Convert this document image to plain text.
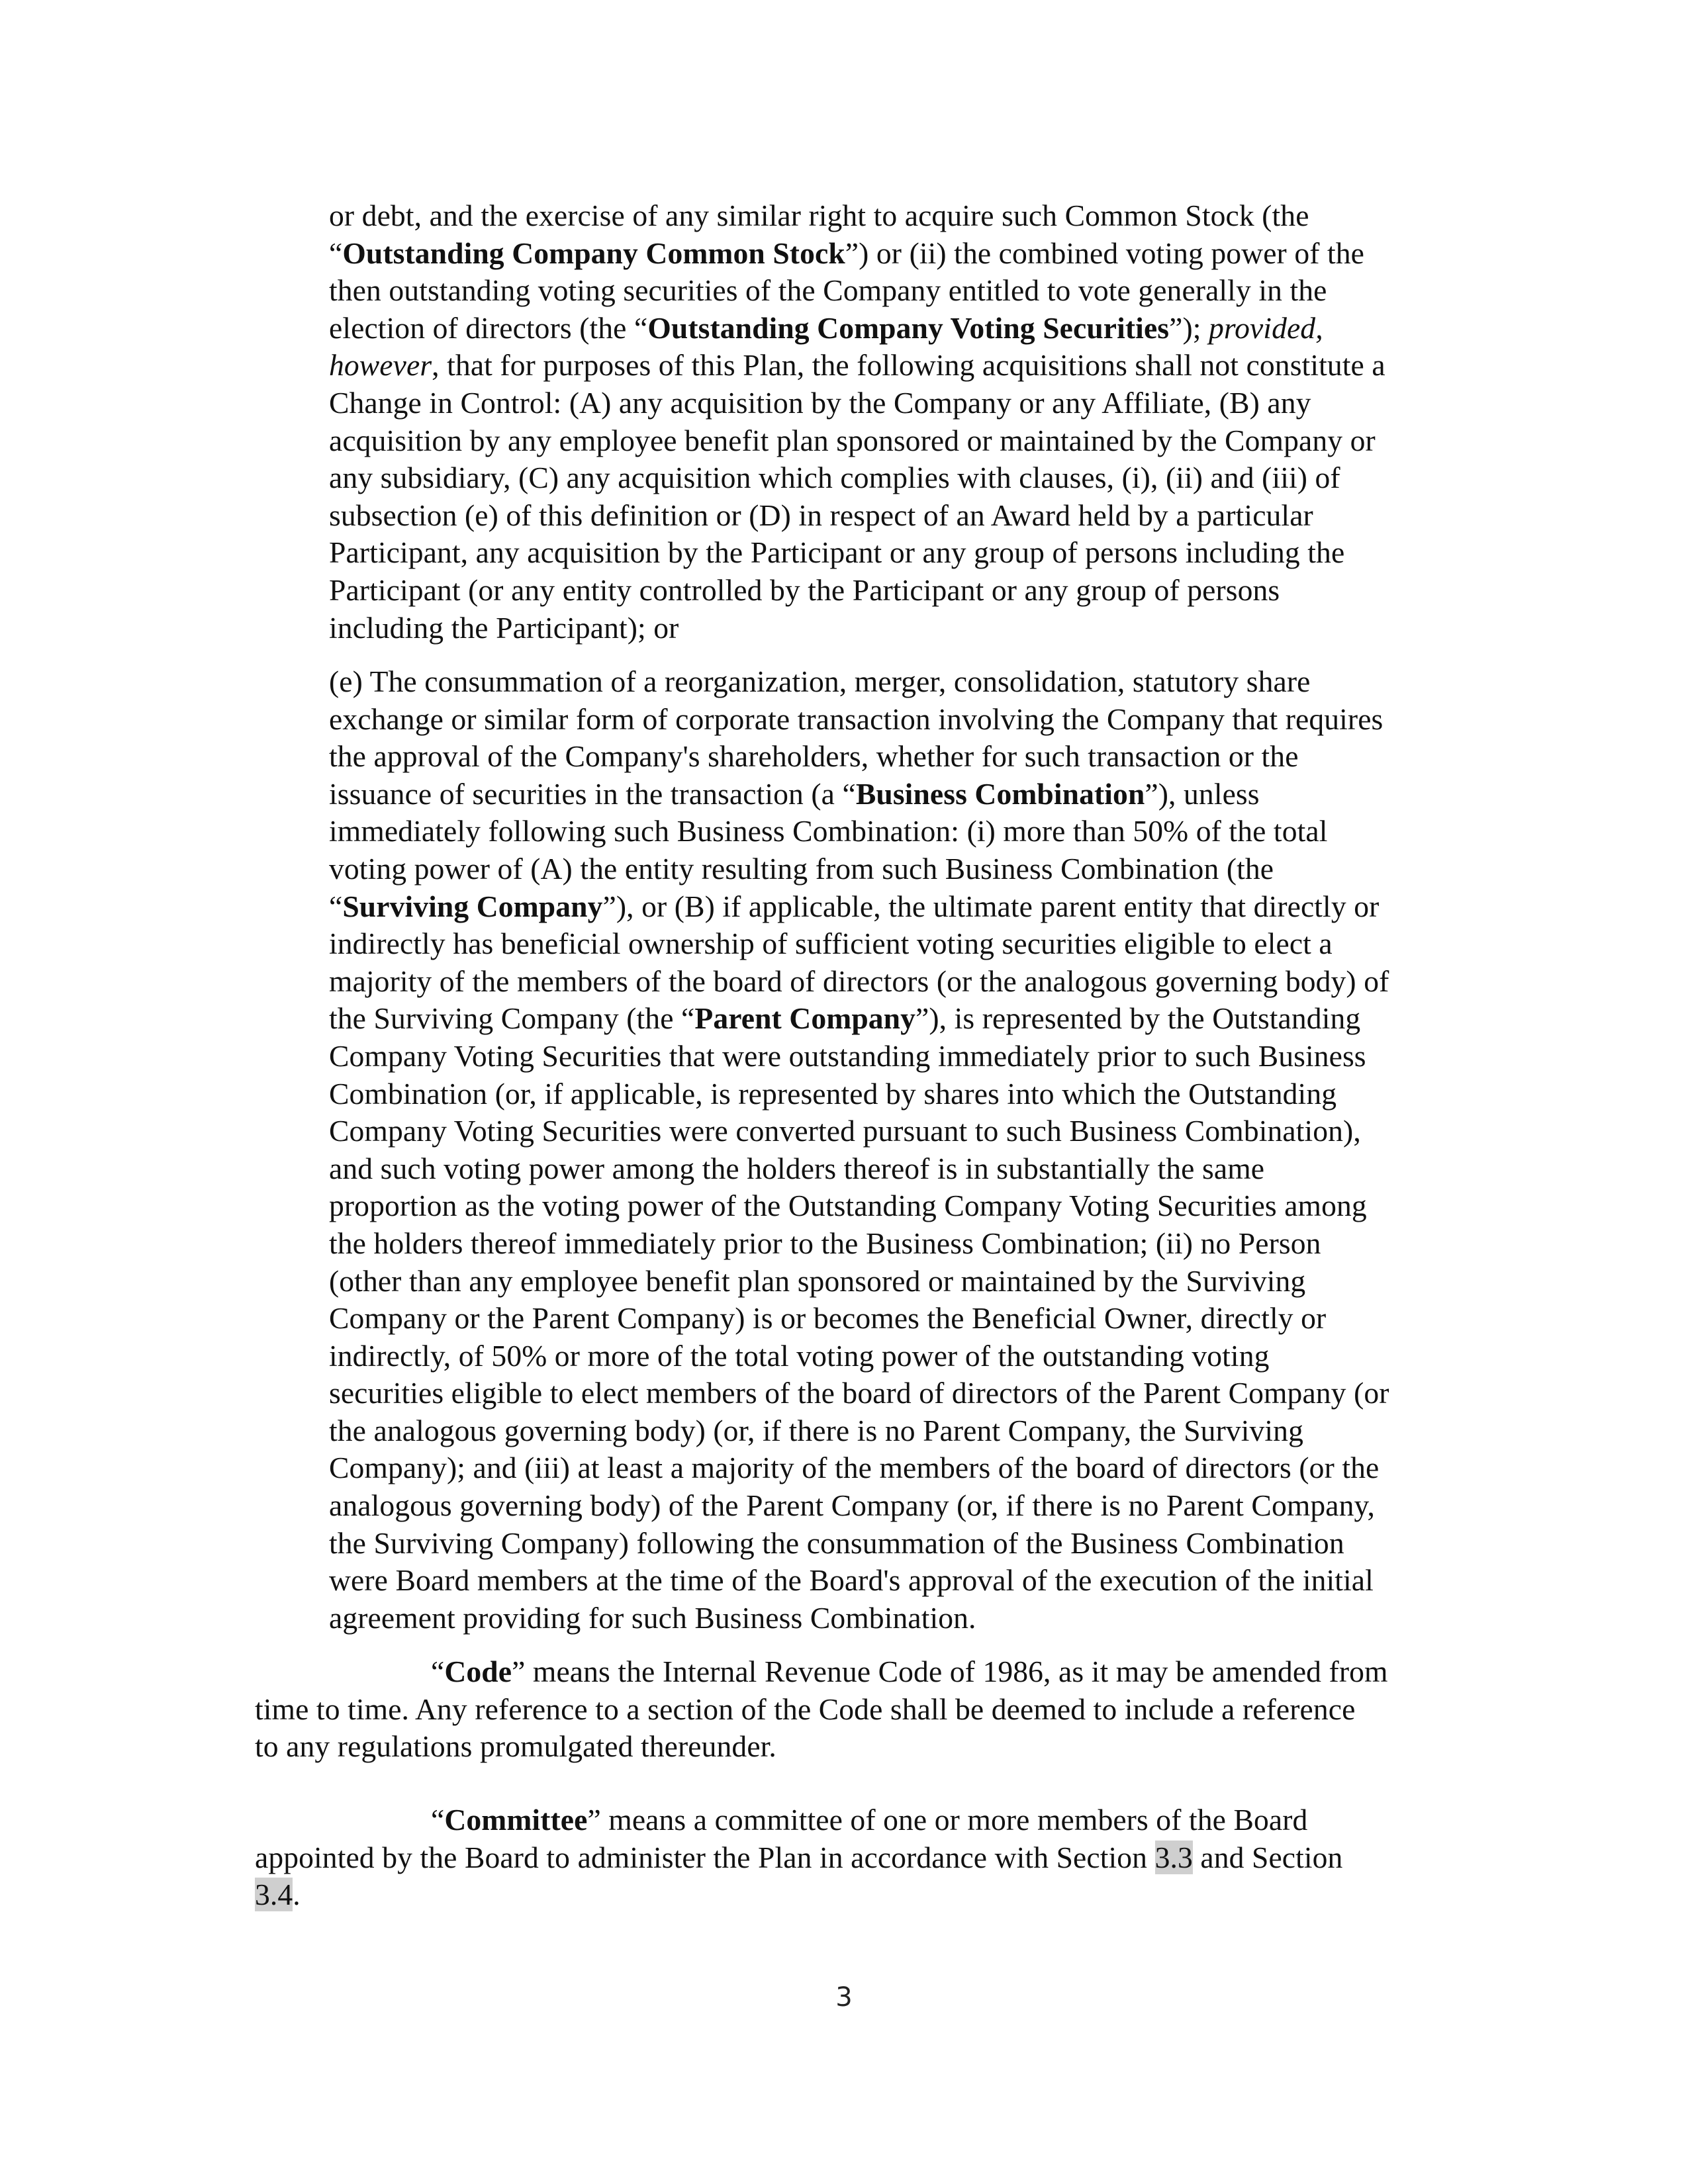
or debt, and the exercise of any similar right to acquire such Common Stock (the
“Outstanding Company Common Stock”) or (ii) the combined voting power of the
then outstanding voting securities of the Company entitled to vote generally in the
election of directors (the “Outstanding Company Voting Securities”); provided,
however, that for purposes of this Plan, the following acquisitions shall not constitute a
Change in Control: (A) any acquisition by the Company or any Affiliate, (B) any
acquisition by any employee benefit plan sponsored or maintained by the Company or
any subsidiary, (C) any acquisition which complies with clauses, (i), (ii) and (iii) of
subsection (e) of this definition or (D) in respect of an Award held by a particular
Participant, any acquisition by the Participant or any group of persons including the
Participant (or any entity controlled by the Participant or any group of persons
including the Participant); or
(e) The consummation of a reorganization, merger, consolidation, statutory share
exchange or similar form of corporate transaction involving the Company that requires
the approval of the Company's shareholders, whether for such transaction or the
issuance of securities in the transaction (a “Business Combination”), unless
immediately following such Business Combination: (i) more than 50% of the total
voting power of (A) the entity resulting from such Business Combination (the
“Surviving Company”), or (B) if applicable, the ultimate parent entity that directly or
indirectly has beneficial ownership of sufficient voting securities eligible to elect a
majority of the members of the board of directors (or the analogous governing body) of
the Surviving Company (the “Parent Company”), is represented by the Outstanding
Company Voting Securities that were outstanding immediately prior to such Business
Combination (or, if applicable, is represented by shares into which the Outstanding
Company Voting Securities were converted pursuant to such Business Combination),
and such voting power among the holders thereof is in substantially the same
proportion as the voting power of the Outstanding Company Voting Securities among
the holders thereof immediately prior to the Business Combination; (ii) no Person
(other than any employee benefit plan sponsored or maintained by the Surviving
Company or the Parent Company) is or becomes the Beneficial Owner, directly or
indirectly, of 50% or more of the total voting power of the outstanding voting
securities eligible to elect members of the board of directors of the Parent Company (or
the analogous governing body) (or, if there is no Parent Company, the Surviving
Company); and (iii) at least a majority of the members of the board of directors (or the
analogous governing body) of the Parent Company (or, if there is no Parent Company,
the Surviving Company) following the consummation of the Business Combination
were Board members at the time of the Board's approval of the execution of the initial
agreement providing for such Business Combination.
“Code” means the Internal Revenue Code of 1986, as it may be amended from
time to time. Any reference to a section of the Code shall be deemed to include a reference
to any regulations promulgated thereunder.
“Committee” means a committee of one or more members of the Board
appointed by the Board to administer the Plan in accordance with Section 3.3 and Section
3.4.
3
